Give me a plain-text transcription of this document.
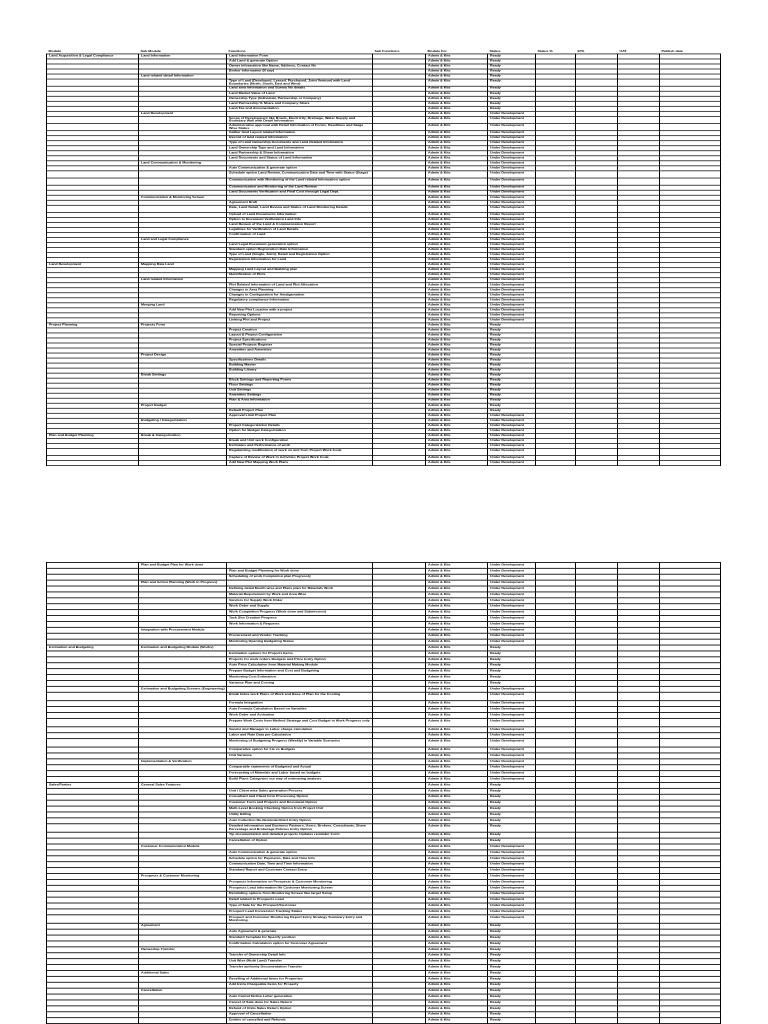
Module	Sub Module	Functions	Sub Functions	Module For	Status	Status %	ETA	UAT	Publish date
Land Acquisition & Legal Compliance	Land Information	Land Information Form		Admin & Kits	Ready				
		Add Land & generate Option		Admin & Kits	Ready				
		Owner information like Name, Address, Contact No		Admin & Kits	Ready				
		Broker Information (If any)		Admin & Kits	Ready				
	Land related detail Information			Admin & Kits	Ready				
		Type of Land (Developed, Leased, Purchased, Joint Venture) with Land Boundaries (North, South, East and West)		Admin & Kits	Ready				
		Land area information and Survey No details		Admin & Kits	Ready				
		Land Market Value of Land		Admin & Kits	Ready				
		Ownership Type (Individual, Partnership or Company)		Admin & Kits	Ready				
		Land Partnership % Share and Company Share		Admin & Kits	Ready				
		Land Tax and documentation		Admin & Kits	Ready				
	Land Development			Admin & Kits	Under Development				
		Scope of Development like Roads, Electricity, Drainage, Water Supply and Boundary Wall with Detail Information		Admin & Kits	Under Development				
		Administrative approval with Detail Information of Forms, Deadlines and Stage Wise Status		Admin & Kits	Under Development				
		Gather land Layout related Information		Admin & Kits	Under Development				
		Record of land related Information		Admin & Kits	Under Development				
		Type of Land Ownership Documents and Land Related Information		Admin & Kits	Under Development				
		Land Ownership Type and Land Information		Admin & Kits	Under Development				
		Land Partnership & Share Information		Admin & Kits	Under Development				
		Land Documents and Status of Land Information		Admin & Kits	Under Development				
	Land Communication & Monitoring			Admin & Kits	Under Development				
		Auto Communication & generate option		Admin & Kits	Under Development				
		Schedule option Land Review, Communication Date and Time with Status (Stage)		Admin & Kits	Under Development				
		Communication with Monitoring of the Land related Information option		Admin & Kits	Under Development				
		Communication and Monitoring of the Land Review		Admin & Kits	Under Development				
		Land Documents Verification and Final Cost through Legal Dept.		Admin & Kits	Under Development				
	Communication & Monitoring Screen			Admin & Kits	Under Development				
		Agreement Draft		Admin & Kits	Under Development				
		Date, Land Detail, Land Review and Status of Land Monitoring Details		Admin & Kits	Under Development				
		Upload of Land Documents Information		Admin & Kits	Under Development				
		Option to Document Verification Land Info		Admin & Kits	Under Development				
		Land Review of the Land & Communication Report		Admin & Kits	Under Development				
		Legalities for Verification of Land Details		Admin & Kits	Under Development				
		Confirmation of Land		Admin & Kits	Under Development				
	Land and Legal Compliance			Admin & Kits	Under Development				
		Land Legal Document generation option		Admin & Kits	Under Development				
		Standard option Registration Date Information		Admin & Kits	Under Development				
		Type of Land (Single, Joint), Detail and Registration Option		Admin & Kits	Under Development				
		Registration Information for Land		Admin & Kits	Under Development				
Land Development	Mapping Raw Land			Admin & Kits	Under Development				
		Mapping Land Layout and Building plan		Admin & Kits	Under Development				
		Identification of Plots		Admin & Kits	Under Development				
	Land related Information			Admin & Kits	Under Development				
		Plot Related Information of Land and Plot Allocation		Admin & Kits	Under Development				
		Changes in Area Planning		Admin & Kits	Under Development				
		Changes in Configuration for Amalgamation		Admin & Kits	Under Development				
		Regulatory compliance Information		Admin & Kits	Under Development				
	Merging Land			Admin & Kits	Under Development				
		Add New Plot Location with a project		Admin & Kits	Under Development				
		Reporting Options		Admin & Kits	Under Development				
		Linking Plot and Project		Admin & Kits	Under Development				
Project Planning	Projects Form			Admin & Kits	Ready				
		Project Creation		Admin & Kits	Ready				
		Layout & Project Configuration		Admin & Kits	Ready				
		Project Specifications		Admin & Kits	Ready				
		Special Projects Register		Admin & Kits	Ready				
		Amenities and Amenities		Admin & Kits	Ready				
	Project Design			Admin & Kits	Ready				
		Specifications Details		Admin & Kits	Ready				
		Building Master		Admin & Kits	Ready				
		Building Library		Admin & Kits	Ready				
	Break Settings			Admin & Kits	Ready				
		Block Settings and Reporting Forms		Admin & Kits	Ready				
		Floor Settings		Admin & Kits	Ready				
		Unit Settings		Admin & Kits	Ready				
		Amenities Settings		Admin & Kits	Ready				
		Plan & Area Information		Admin & Kits	Ready				
	Project Budget			Admin & Kits	Ready				
		Default Project Plan		Admin & Kits	Ready				
		Approval Limit Project Plan		Admin & Kits	Under Development				
	Budgeting / Categorization			Admin & Kits	Under Development				
		Project Categorization Details		Admin & Kits	Under Development				
		Option for Budget Categorization		Admin & Kits	Under Development				
Plan and Budget Planning	Break & Categorization			Admin & Kits	Under Development				
		Break and Unit work Configuration		Admin & Kits	Under Development				
		Estimates and Performance of work		Admin & Kits	Under Development				
		Regularizing modification of work on and from Project Work Code		Admin & Kits	Under Development				
		Capture of Review of Work in Activities Project Work Code		Admin & Kits	Under Development				
		Add New Plot Mapping Work Plans		Admin & Kits	Under Development				
	Plan and Budget Plan for Work done			Admin & Kits	Under Development				
		Plan and Budget Planning for Work done		Admin & Kits	Under Development				
		Scheduling of work Completion plan Progressly		Admin & Kits	Under Development				
	Plan and Action Planning (Work in Progress)			Admin & Kits	Under Development				
		Defining detail Month wise and Plans plan for Materials Work		Admin & Kits	Under Development				
		Material Requirement by Work and Area Wise		Admin & Kits	Under Development				
		Vendors for Supply Work Order		Admin & Kits	Under Development				
		Work Order and Supply		Admin & Kits	Under Development				
		Work Completion Progress (Work done and Submission)		Admin & Kits	Under Development				
		Task Slot Creation Progress		Admin & Kits	Under Development				
		Work Information & Requests		Admin & Kits	Under Development				
	Integration with Procurement Module			Admin & Kits	Under Development				
		Procurement and Vendor Tracking		Admin & Kits	Under Development				
		Monitoring Opening Budgeting Status		Admin & Kits	Under Development				
Estimation and Budgeting	Estimation and Budgeting Module (Works)			Admin & Kits	Ready				
		Estimation options for Projects Items		Admin & Kits	Ready				
		Projects for work orders Budgets and Price Entry Option		Admin & Kits	Ready				
		Auto Price Calculation from Material Making Module		Admin & Kits	Ready				
		Prepare Budget Information and Cost and Budgeting		Admin & Kits	Ready				
		Monitoring Cost Estimation		Admin & Kits	Ready				
		Variance Plan and Costing		Admin & Kits	Ready				
	Estimation and Budgeting Screens (Engineering)			Admin & Kits	Under Development				
		Break Index work Plans of Work and Base of Plan for the Costing		Admin & Kits	Under Development				
		Formula Integration		Admin & Kits	Under Development				
		Auto Formula Calculation Based on Variables		Admin & Kits	Under Development				
		Work Order and Activation		Admin & Kits	Under Development				
		Prepare Work Costs Item Method Strategy and Cost Budget in Work Progress only		Admin & Kits	Under Development				
		Vendor and Manager to Labor charge calculation		Admin & Kits	Under Development				
		Labor and Rate Data per Calculation		Admin & Kits	Under Development				
		Monitoring of Budgeting Progress (Weekly) in Variable Scenarios		Admin & Kits	Under Development				
		Comparative option for Fix vs Budgets		Admin & Kits	Under Development				
		Unit Variance		Admin & Kits	Under Development				
	Implementation & Verification			Admin & Kits	Under Development				
		Comparable statements of Budgeted and Actual		Admin & Kits	Under Development				
		Forecasting of Materials and Labor based on budgets		Admin & Kits	Under Development				
		Build Plans Categories our way of estimating analysis		Admin & Kits	Under Development				
Sales/Parties	General Sales Features			Admin & Kits	Ready				
		Unit / Client wise Sales generation Process		Admin & Kits	Ready				
		Consultant and Client form Processing Option		Admin & Kits	Ready				
		Customer Form and Projects and Document Option		Admin & Kits	Ready				
		Multi-Level Booking Checking Option from Project Unit		Admin & Kits	Ready				
		Utility Billing		Admin & Kits	Ready				
		Auto Collection Re-Reminder/Alert Entry Option		Admin & Kits	Ready				
		Detailed information and Business Partners, Users, Brokers, Consultants, Share Percentage and Brokerage Policies Entry Option		Admin & Kits	Ready				
		Tip documentation and detailed projects Updates reminder Form		Admin & Kits	Ready				
		Cancellation of Option		Admin & Kits	Ready				
	Customer Communication Module			Admin & Kits	Under Development				
		Auto Communication & generate option		Admin & Kits	Under Development				
		Schedule option for Payments, Date and Time Info		Admin & Kits	Under Development				
		Communication Date, Time and Time Information		Admin & Kits	Under Development				
		Standard Report and Customer Contact Entry		Admin & Kits	Under Development				
	Prospects & Customer Monitoring			Admin & Kits	Under Development				
		Prospects Information on Prospects & Customer Monitoring		Admin & Kits	Under Development				
		Prospects Lead information Hit Customer Monitoring Screen		Admin & Kits	Under Development				
		Reminding options from Monitoring Screen like target Setup		Admin & Kits	Under Development				
		Detail related to Prospects Lead		Admin & Kits	Under Development				
		Type of Sale for the Prospect/Customer		Admin & Kits	Under Development				
		Prospect Lead Conversion Tracking Status		Admin & Kits	Under Development				
		Prospect and Customer Monitoring Report Entry Strategy Summary Entry and Monitoring.		Admin & Kits	Under Development				
	Agreement			Admin & Kits	Ready				
		Auto Agreement & generate		Admin & Kits	Ready				
		Standard Template for Specify position		Admin & Kits	Ready				
		Confirmation Calculation option for Customer Agreement		Admin & Kits	Ready				
	Ownership Transfer			Admin & Kits	Ready				
		Transfer of Ownership Detail Info		Admin & Kits	Ready				
		Unit Wise (Multi Land) Transfer		Admin & Kits	Ready				
		Transfer authority Documentation Transfer		Admin & Kits	Ready				
	Additional Sales			Admin & Kits	Ready				
		Reselling of Additional Items for Properties		Admin & Kits	Ready				
		Add Extra Chargeable Items for Property		Admin & Kits	Ready				
	Cancellation			Admin & Kits	Ready				
		Auto Cancel Notice Letter generation		Admin & Kits	Ready				
		Cancel of Sale done for Sales Return		Admin & Kits	Ready				
		Refund of Units Sales Return Option		Admin & Kits	Ready				
		Approval of Cancellation		Admin & Kits	Ready				
		Entries of cancelled and Refunds		Admin & Kits	Ready				
